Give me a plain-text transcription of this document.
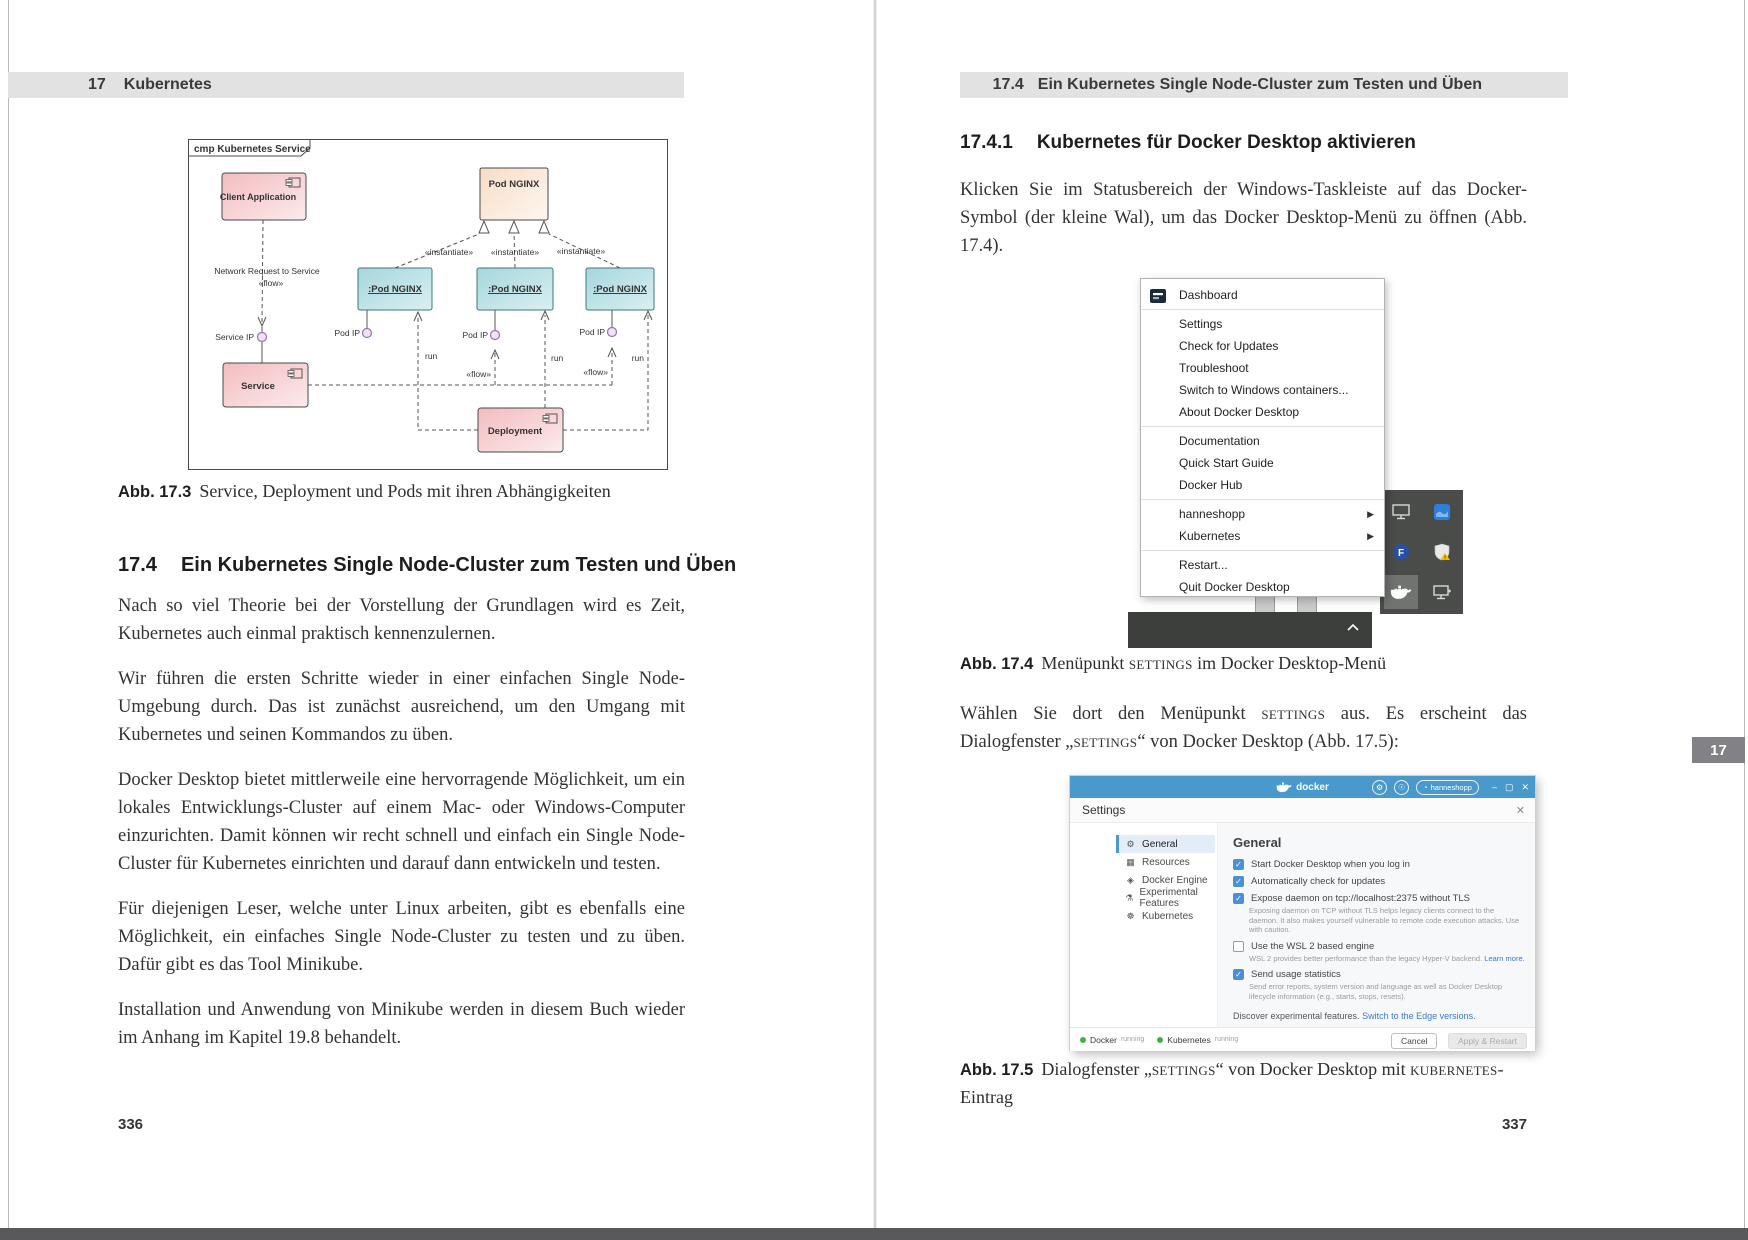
17 Kubernetes
cmp Kubernetes Service
Client Application
Pod NGINX
:Pod NGINX	:Pod NGINX	:Pod NGINX
Service
Deployment
Network Request to Service
«flow»
«instantiate» «instantiate» «instantiate»
Service IP	Pod IP	Pod IP	Pod IP
run	run	run
«flow»	«flow»
Abb. 17.3 Service, Deployment und Pods mit ihren Abhängigkeiten
17.4 Ein Kubernetes Single Node-Cluster zum Testen und Üben

Nach so viel Theorie bei der Vorstellung der Grundlagen wird es Zeit, Kubernetes auch einmal praktisch kennenzulernen.

Wir führen die ersten Schritte wieder in einer einfachen Single Node-Umgebung durch. Das ist zunächst ausreichend, um den Umgang mit Kubernetes und seinen Kommandos zu üben.

Docker Desktop bietet mittlerweile eine hervorragende Möglichkeit, um ein lokales Entwicklungs-Cluster auf einem Mac- oder Windows-Computer einzurichten. Damit können wir recht schnell und einfach ein Single Node-Cluster für Kubernetes einrichten und darauf dann entwickeln und testen.

Für diejenigen Leser, welche unter Linux arbeiten, gibt es ebenfalls eine Möglichkeit, ein einfaches Single Node-Cluster zu testen und zu üben. Dafür gibt es das Tool Minikube.

Installation und Anwendung von Minikube werden in diesem Buch wieder im Anhang im Kapitel 19.8 behandelt.

336
17.4 Ein Kubernetes Single Node-Cluster zum Testen und Üben
17.4.1 Kubernetes für Docker Desktop aktivieren

Klicken Sie im Statusbereich der Windows-Taskleiste auf das Docker-Symbol (der kleine Wal), um das Docker Desktop-Menü zu öffnen (Abb. 17.4).

F	!
Dashboard
Settings
Check for Updates
Troubleshoot
Switch to Windows containers...
About Docker Desktop
Documentation
Quick Start Guide
Docker Hub
hanneshopp	▶
Kubernetes	▶
Restart...
Quit Docker Desktop
Abb. 17.4 Menüpunkt settings im Docker Desktop-Menü

Wählen Sie dort den Menüpunkt settings aus. Es erscheint das Dialogfenster „settings“ von Docker Desktop (Abb. 17.5):

docker	⚙	☉	◔ hanneshopp – ▢ ✕
Settings	✕
⚙ General
▦ Resources
◈ Docker Engine
⚗ Experimental Features
☸ Kubernetes
General
✓
Start Docker Desktop when you log in
✓
Automatically check for updates
✓
Expose daemon on tcp://localhost:2375 without TLS
Exposing daemon on TCP without TLS helps legacy clients connect to the daemon. It also makes yourself vulnerable to remote code execution attacks. Use with caution.
Use the WSL 2 based engine
WSL 2 provides better performance than the legacy Hyper-V backend. Learn more.
✓
Send usage statistics
Send error reports, system version and language as well as Docker Desktop lifecycle information (e.g., starts, stops, resets).
Discover experimental features. Switch to the Edge versions.
Docker running	Kubernetes running	Cancel	Apply & Restart
Abb. 17.5 Dialogfenster „settings“ von Docker Desktop mit kubernetes-Eintrag
337
17
